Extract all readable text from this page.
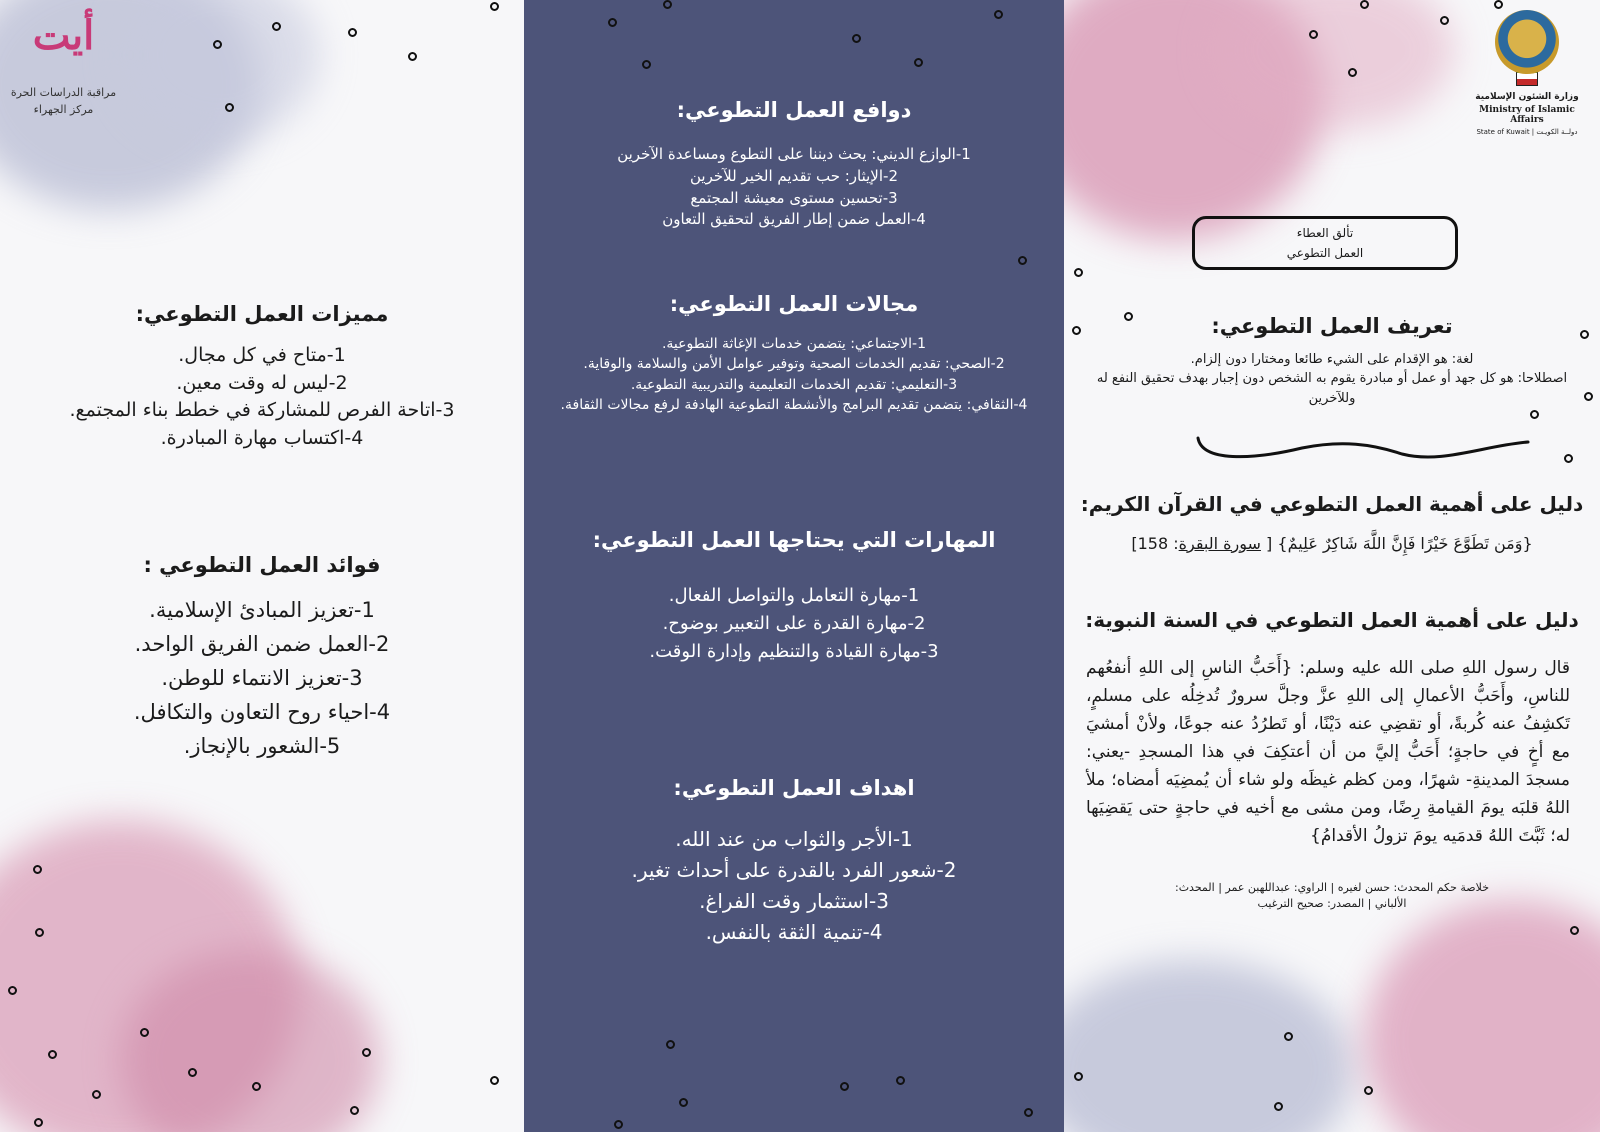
أيت
مراقبة الدراسات الحرة
مركز الجهراء
مميزات العمل التطوعي:
1-متاح في كل مجال.
2-ليس له وقت معين.
3-اتاحة الفرص للمشاركة في خطط بناء المجتمع.
4-اكتساب مهارة المبادرة.
فوائد العمل التطوعي :
1-تعزيز المبادئ الإسلامية.
2-العمل ضمن الفريق الواحد.
3-تعزيز الانتماء للوطن.
4-احياء روح التعاون والتكافل.
5-الشعور بالإنجاز.
دوافع العمل التطوعي:
1-الوازع الديني: يحث ديننا على التطوع ومساعدة الآخرين
2-الإيثار: حب تقديم الخير للآخرين
3-تحسين مستوى معيشة المجتمع
4-العمل ضمن إطار الفريق لتحقيق التعاون
مجالات العمل التطوعي:
1-الاجتماعي: يتضمن خدمات الإغاثة التطوعية.
2-الصحي: تقديم الخدمات الصحية وتوفير عوامل الأمن والسلامة والوقاية.
3-التعليمي: تقديم الخدمات التعليمية والتدريبية التطوعية.
4-الثقافي: يتضمن تقديم البرامج والأنشطة التطوعية الهادفة لرفع مجالات الثقافة.
المهارات التي يحتاجها العمل التطوعي:
1-مهارة التعامل والتواصل الفعال.
2-مهارة القدرة على التعبير بوضوح.
3-مهارة القيادة والتنظيم وإدارة الوقت.
اهداف العمل التطوعي:
1-الأجر والثواب من عند الله.
2-شعور الفرد بالقدرة على أحداث تغير.
3-استثمار وقت الفراغ.
4-تنمية الثقة بالنفس.
وزارة الشئون الإسلامية
Ministry of Islamic Affairs
State of Kuwait | دولــة الكويـت
تألق العطاء
العمل التطوعي
تعريف العمل التطوعي:
لغة: هو الإقدام على الشيء طائعا ومختارا دون إلزام.
اصطلاحا: هو كل جهد أو عمل أو مبادرة يقوم به الشخص دون إجبار بهدف تحقيق النفع له وللآخرين
دليل على أهمية العمل التطوعي في القرآن الكريم:
{وَمَن تَطَوَّعَ خَيْرًا فَإِنَّ اللَّهَ شَاكِرٌ عَلِيمٌ} [ سورة البقرة: 158]
دليل على أهمية العمل التطوعي في السنة النبوية:
قال رسول اللهِ صلى الله عليه وسلم: {أَحَبُّ الناسِ إلى اللهِ أنفعُهم للناسِ، وأَحَبُّ الأعمالِ إلى اللهِ عزَّ وجلَّ سرورٌ تُدخِلُه على مسلمٍ، تَكشِفُ عنه كُربةً، أو تقضِي عنه دَيْنًا، أو تَطرُدُ عنه جوعًا، ولأنْ أمشيَ مع أخٍ في حاجةٍ؛ أَحَبُّ إليَّ من أن أعتكِفَ في هذا المسجدِ -يعني: مسجدَ المدينةِ- شهرًا، ومن كظم غيظَه ولو شاء أن يُمضِيَه أمضاه؛ ملأ اللهُ قلبَه يومَ القيامةِ رِضًا، ومن مشى مع أخيه في حاجةٍ حتى يَقضِيَها له؛ ثَبَّتَ اللهُ قدمَيه يومَ تزولُ الأقدامُ}
خلاصة حكم المحدث: حسن لغيره | الراوي: عبداللهبن عمر | المحدث: الألباني | المصدر: صحيح الترغيب
